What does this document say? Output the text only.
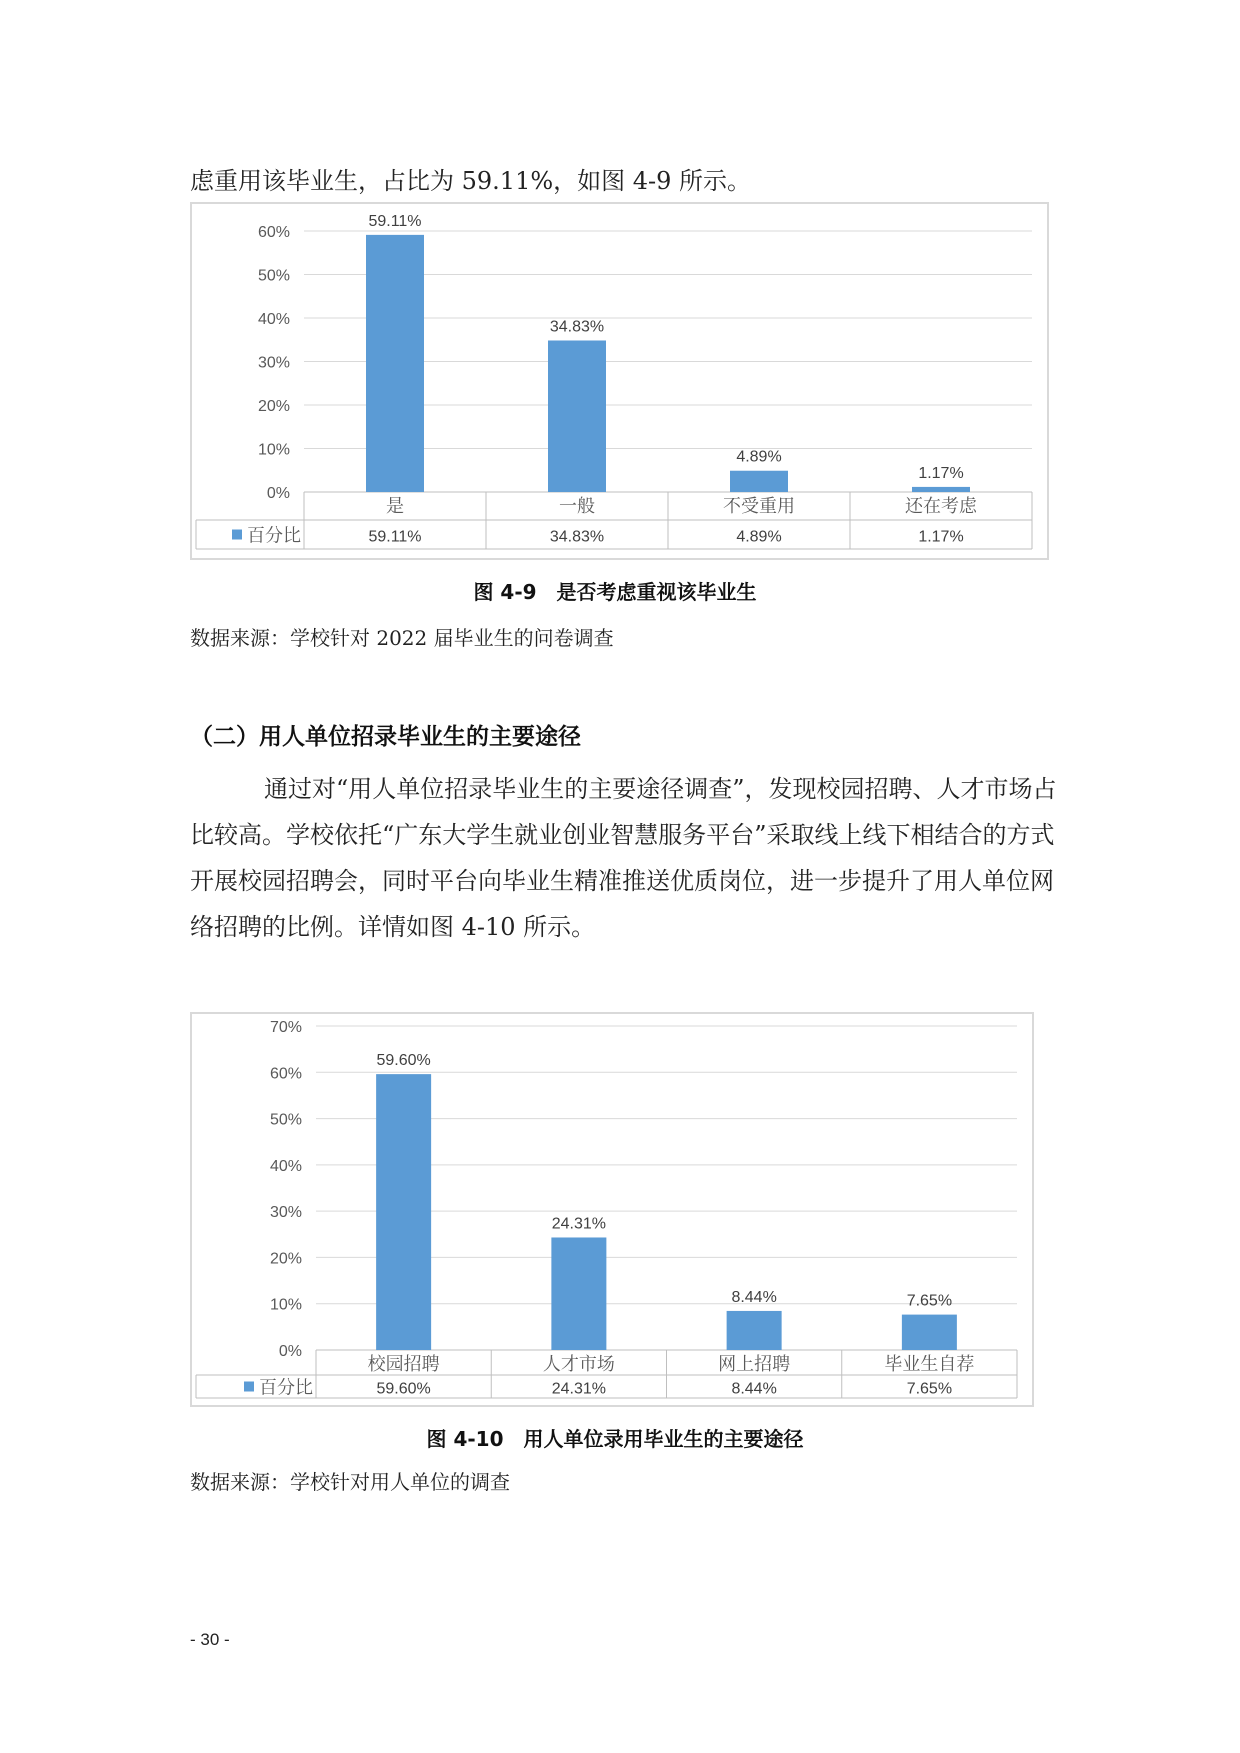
虑重用该毕业生，占比为 59.11%，如图 4-9 所示。

0%
10%
20%
30%
40%
50%
60%
百分比
59.11%
是
59.11%
34.83%
一般
34.83%
4.89%
不受重用
4.89%
1.17%
还在考虑
1.17%

图 4-9　是否考虑重视该毕业生

数据来源：学校针对 2022 届毕业生的问卷调查

（二）用人单位招录毕业生的主要途径

通过对“用人单位招录毕业生的主要途径调查”，发现校园招聘、人才市场占比较高。学校依托“广东大学生就业创业智慧服务平台”采取线上线下相结合的方式开展校园招聘会，同时平台向毕业生精准推送优质岗位，进一步提升了用人单位网络招聘的比例。详情如图 4-10 所示。

0%
10%
20%
30%
40%
50%
60%
70%
百分比
59.60%
校园招聘
59.60%
24.31%
人才市场
24.31%
8.44%
网上招聘
8.44%
7.65%
毕业生自荐
7.65%

图 4-10　用人单位录用毕业生的主要途径

数据来源：学校针对用人单位的调查

- 30 -
